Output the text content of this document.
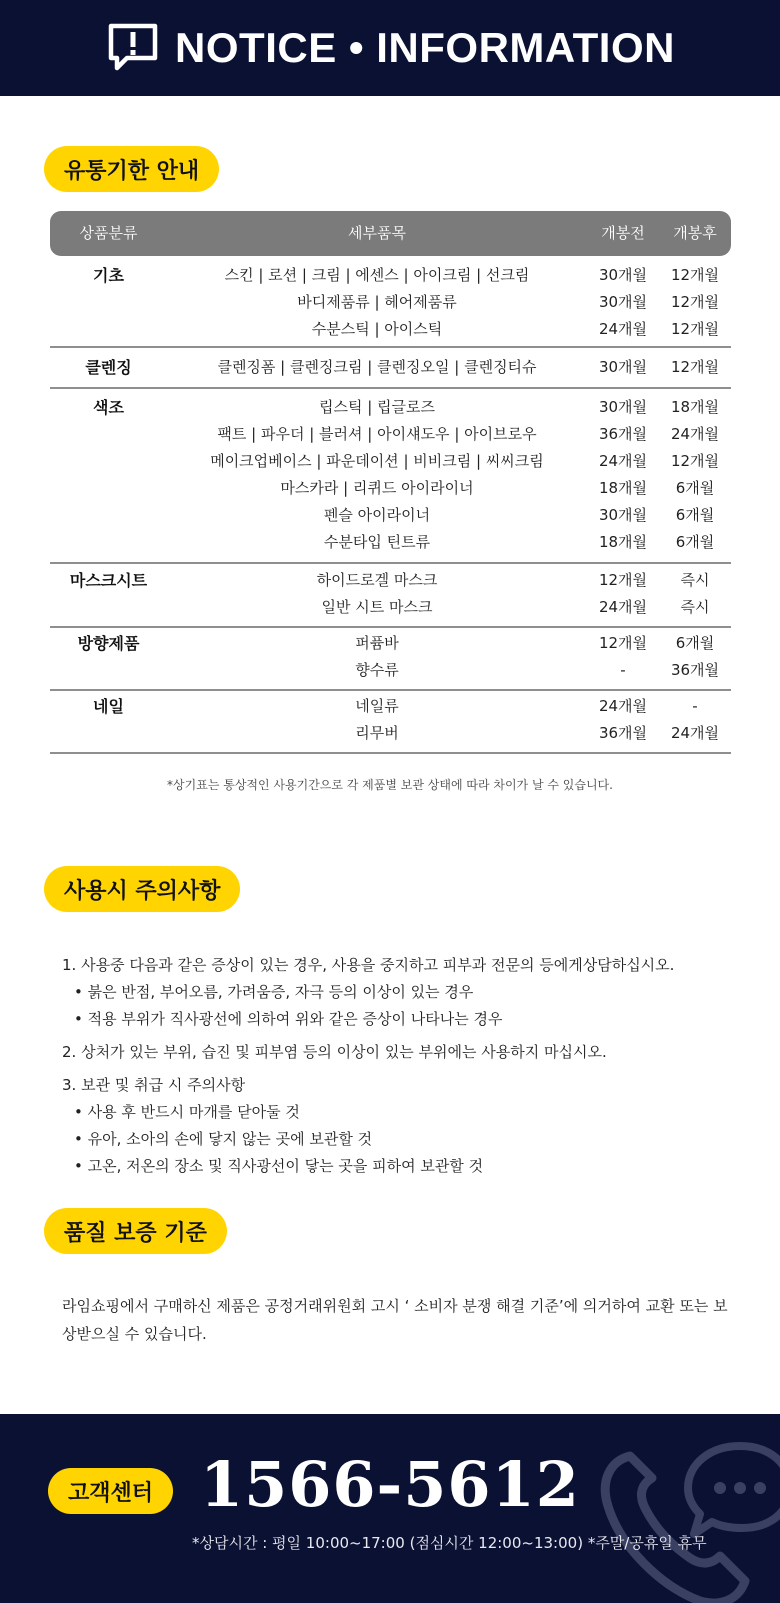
NOTICE • INFORMATION
유통기한 안내
상품분류	세부품목	개봉전	개봉후
기초	스킨 | 로션 | 크림 | 에센스 | 아이크림 | 선크림	30개월	12개월
바디제품류 | 헤어제품류	30개월	12개월
수분스틱 | 아이스틱	24개월	12개월
클렌징	클렌징폼 | 클렌징크림 | 클렌징오일 | 클렌징티슈	30개월	12개월
색조	립스틱 | 립글로즈	30개월	18개월
팩트 | 파우더 | 블러셔 | 아이섀도우 | 아이브로우	36개월	24개월
메이크업베이스 | 파운데이션 | 비비크림 | 씨씨크림	24개월	12개월
마스카라 | 리퀴드 아이라이너	18개월	6개월
펜슬 아이라이너	30개월	6개월
수분타입 틴트류	18개월	6개월
마스크시트	하이드로겔 마스크	12개월	즉시
일반 시트 마스크	24개월	즉시
방향제품	퍼퓸바	12개월	6개월
향수류	-	36개월
네일	네일류	24개월	-
리무버	36개월	24개월
*상기표는 통상적인 사용기간으로 각 제품별 보관 상태에 따라 차이가 날 수 있습니다.
사용시 주의사항
1. 사용중 다음과 같은 증상이 있는 경우, 사용을 중지하고 피부과 전문의 등에게상담하십시오.
• 붉은 반점, 부어오름, 가려움증, 자극 등의 이상이 있는 경우
• 적용 부위가 직사광선에 의하여 위와 같은 증상이 나타나는 경우
2. 상처가 있는 부위, 습진 및 피부염 등의 이상이 있는 부위에는 사용하지 마십시오.
3. 보관 및 취급 시 주의사항
• 사용 후 반드시 마개를 닫아둘 것
• 유아, 소아의 손에 닿지 않는 곳에 보관할 것
• 고온, 저온의 장소 및 직사광선이 닿는 곳을 피하여 보관할 것
품질 보증 기준
라임쇼핑에서 구매하신 제품은 공정거래위원회 고시 ‘ 소비자 분쟁 해결 기준’에 의거하여 교환 또는 보상받으실 수 있습니다.
고객센터 1566-5612
*상담시간 : 평일 10:00~17:00 (점심시간 12:00~13:00) *주말/공휴일 휴무
